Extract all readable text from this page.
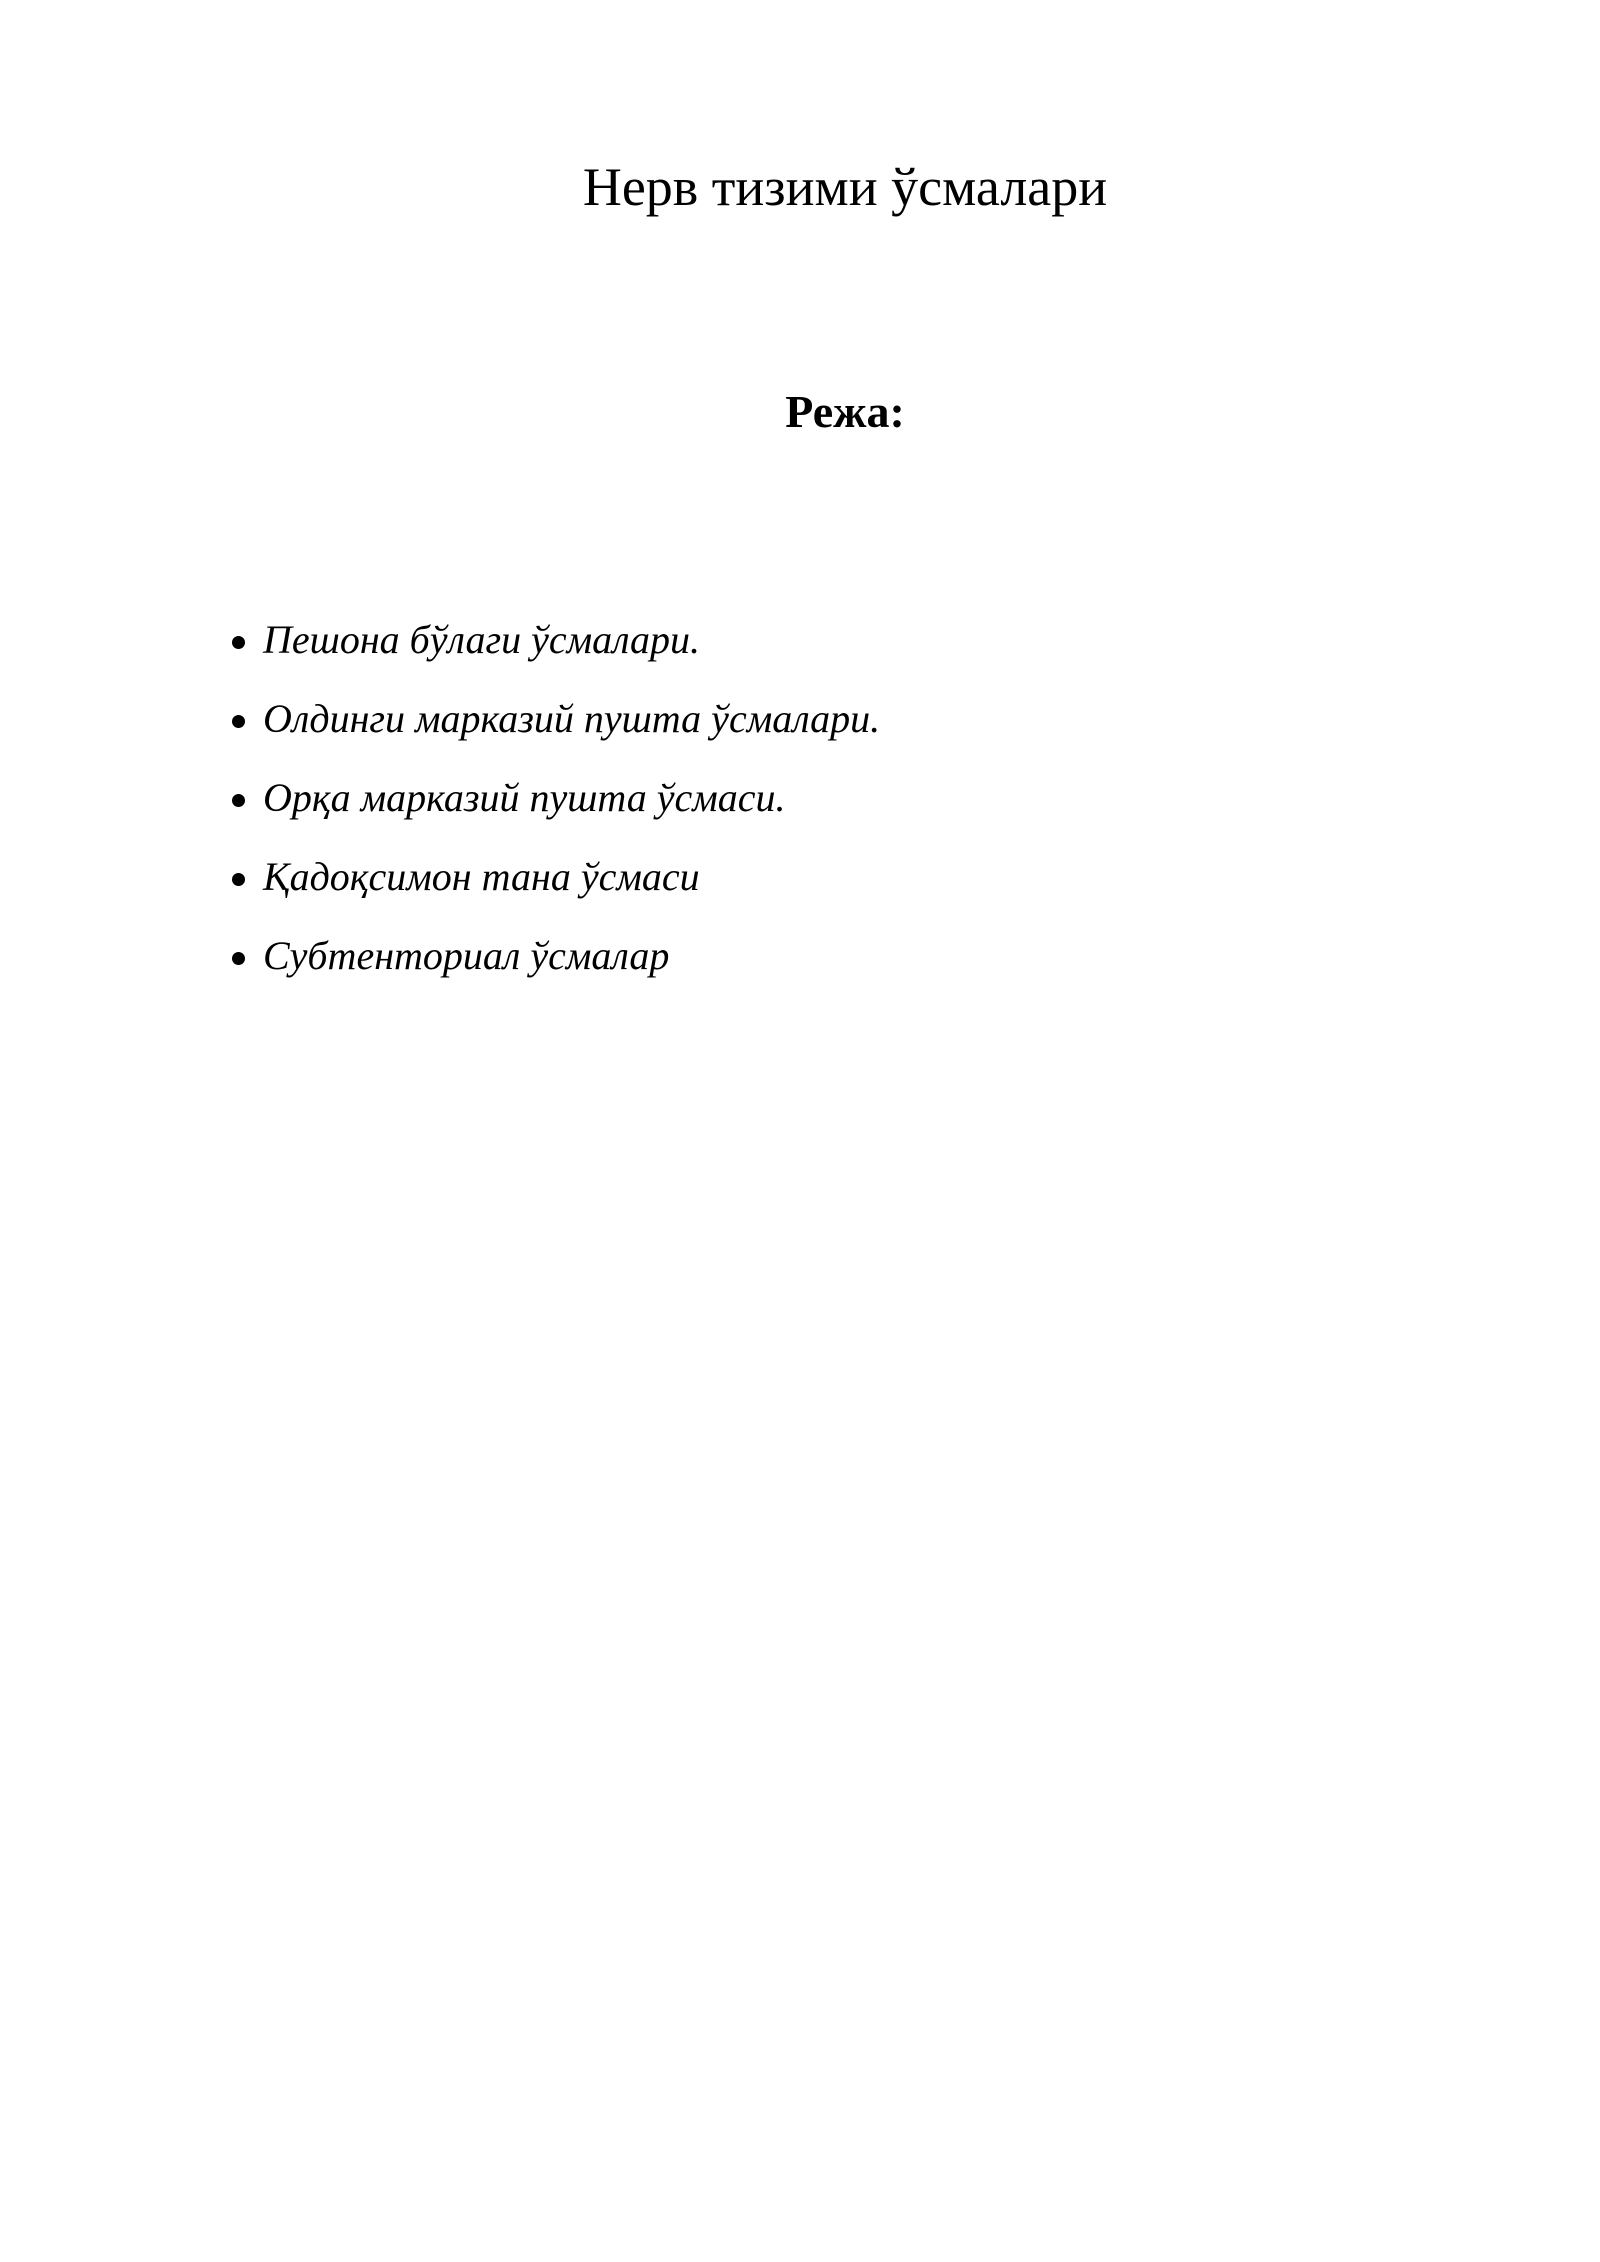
Нерв тизими ўсмалари
Режа:
Пешона бўлаги ўсмалари.
Олдинги марказий пушта ўсмалари.
Орқа марказий пушта ўсмаси.
Қадоқсимон тана ўсмаси
Субтенториал ўсмалар
